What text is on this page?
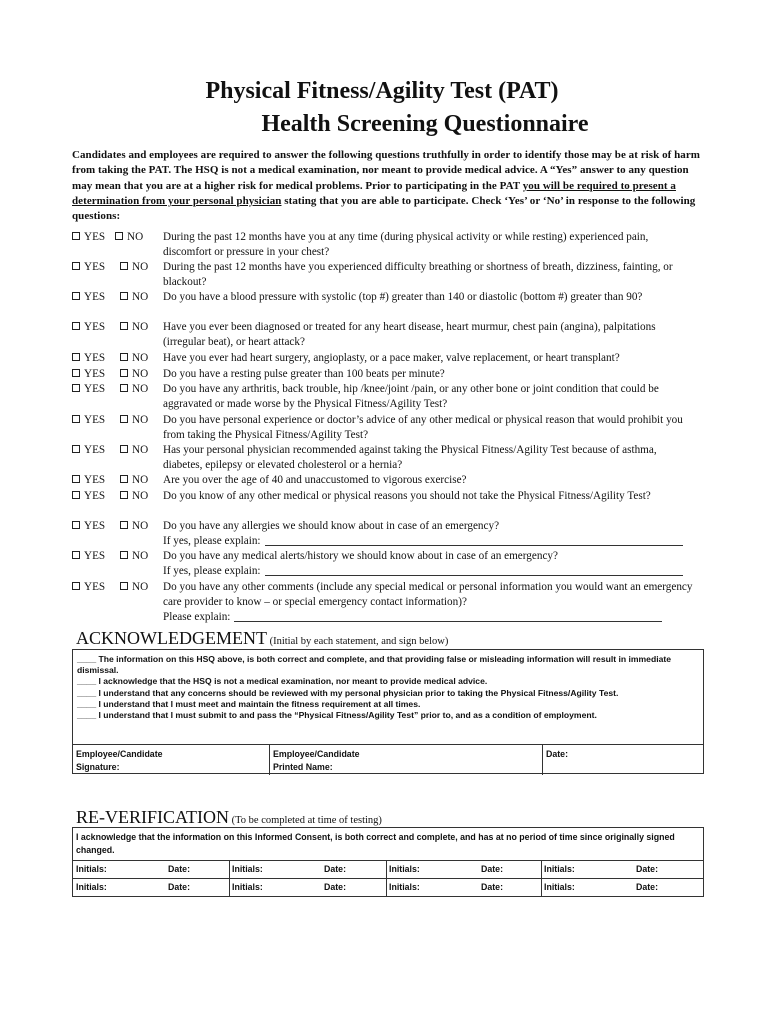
Physical Fitness/Agility Test (PAT)
Health Screening Questionnaire
Candidates and employees are required to answer the following questions truthfully in order to identify those may be at risk of harm from taking the PAT. The HSQ is not a medical examination, nor meant to provide medical advice. A “Yes” answer to any question may mean that you are at a higher risk for medical problems. Prior to participating in the PAT you will be required to present a determination from your personal physician stating that you are able to participate. Check ‘Yes’ or ‘No’ in response to the following questions:
YES	NO During the past 12 months have you at any time (during physical activity or while resting) experienced pain, discomfort or pressure in your chest?
YES	NO During the past 12 months have you experienced difficulty breathing or shortness of breath, dizziness, fainting, or blackout?
YES	NO Do you have a blood pressure with systolic (top #) greater than 140 or diastolic (bottom #) greater than 90?
YES	NO Have you ever been diagnosed or treated for any heart disease, heart murmur, chest pain (angina), palpitations (irregular beat), or heart attack?
YES	NO Have you ever had heart surgery, angioplasty, or a pace maker, valve replacement, or heart transplant?
YES	NO Do you have a resting pulse greater than 100 beats per minute?
YES	NO Do you have any arthritis, back trouble, hip /knee/joint /pain, or any other bone or joint condition that could be aggravated or made worse by the Physical Fitness/Agility Test?
YES	NO Do you have personal experience or doctor’s advice of any other medical or physical reason that would prohibit you from taking the Physical Fitness/Agility Test?
YES	NO Has your personal physician recommended against taking the Physical Fitness/Agility Test because of asthma, diabetes, epilepsy or elevated cholesterol or a hernia?
YES	NO Are you over the age of 40 and unaccustomed to vigorous exercise?
YES	NO Do you know of any other medical or physical reasons you should not take the Physical Fitness/Agility Test?
YES	NO Do you have any allergies we should know about in case of an emergency?
If yes, please explain:
YES	NO Do you have any medical alerts/history we should know about in case of an emergency?
If yes, please explain:
YES	NO Do you have any other comments (include any special medical or personal information you would want an emergency care provider to know – or special emergency contact information)?
Please explain:
ACKNOWLEDGEMENT (Initial by each statement, and sign below)
____ The information on this HSQ above, is both correct and complete, and that providing false or misleading information will result in immediate dismissal.
____ I acknowledge that the HSQ is not a medical examination, nor meant to provide medical advice.
____ I understand that any concerns should be reviewed with my personal physician prior to taking the Physical Fitness/Agility Test.
____ I understand that I must meet and maintain the fitness requirement at all times.
____ I understand that I must submit to and pass the “Physical Fitness/Agility Test” prior to, and as a condition of employment.
Employee/Candidate
Signature:
Employee/Candidate
Printed Name:
Date:
RE-VERIFICATION (To be completed at time of testing)
I acknowledge that the information on this Informed Consent, is both correct and complete, and has at no period of time since originally signed changed.
Initials:	Date:	Initials:	Date:	Initials:	Date:	Initials:	Date:
Initials:	Date:	Initials:	Date:	Initials:	Date:	Initials:	Date:
